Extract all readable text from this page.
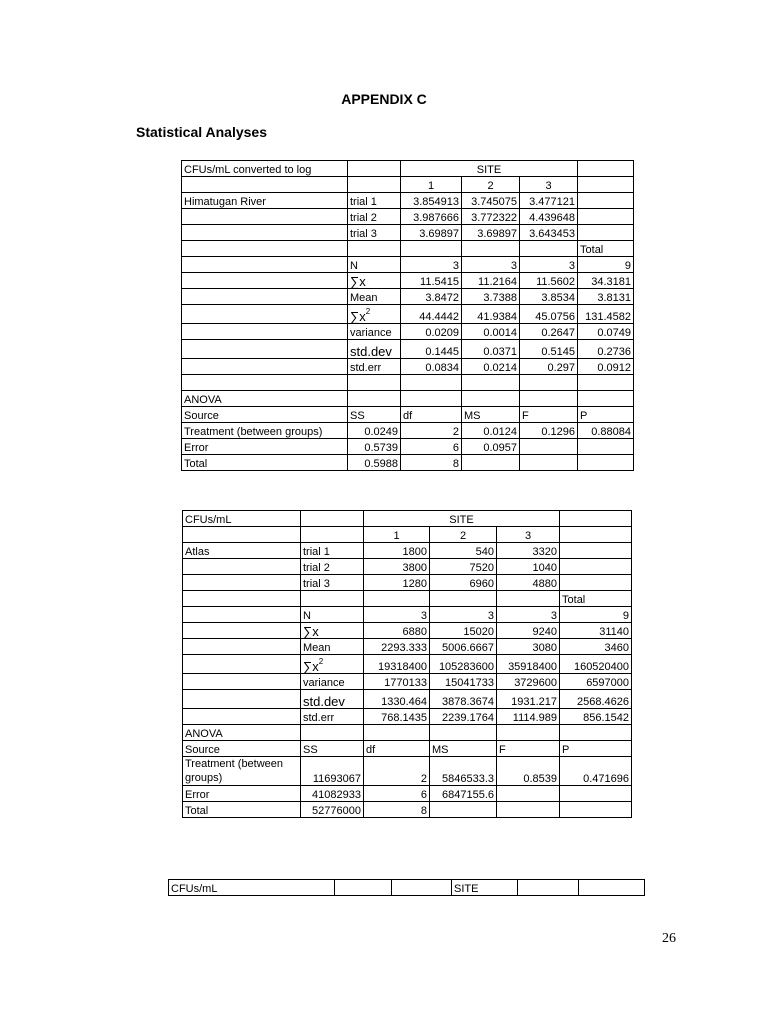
APPENDIX C
Statistical Analyses
CFUs/mL converted to log		SITE			
		1	2	3	
Himatugan River	trial 1	3.854913	3.745075	3.477121	
	trial 2	3.987666	3.772322	4.439648	
	trial 3	3.69897	3.69897	3.643453	
					Total
	N	3	3	3	9
	∑x	11.5415	11.2164	11.5602	34.3181
	Mean	3.8472	3.7388	3.8534	3.8131
	$\sum x^2$	44.4442	41.9384	45.0756	131.4582
	variance	0.0209	0.0014	0.2647	0.0749
	std.dev	0.1445	0.0371	0.5145	0.2736
	std.err	0.0834	0.0214	0.297	0.0912

ANOVA					
Source	SS	df	MS	F	P
Treatment (between groups)	0.0249	2	0.0124	0.1296	0.88084
Error	0.5739	6	0.0957		
Total	0.5988	8			
CFUs/mL		SITE			
		1	2	3	
Atlas	trial 1	1800	540	3320	
	trial 2	3800	7520	1040	
	trial 3	1280	6960	4880	
					Total
	N	3	3	3	9
	∑x	6880	15020	9240	31140
	Mean	2293.333	5006.6667	3080	3460
	$\sum x^2$	19318400	105283600	35918400	160520400
	variance	1770133	15041733	3729600	6597000
	std.dev	1330.464	3878.3674	1931.217	2568.4626
	std.err	768.1435	2239.1764	1114.989	856.1542
ANOVA					
Source	SS	df	MS	F	P
Treatment (between groups)	11693067	2	5846533.3	0.8539	0.471696
Error	41082933	6	6847155.6		
Total	52776000	8			
CFUs/mL			SITE		
26
